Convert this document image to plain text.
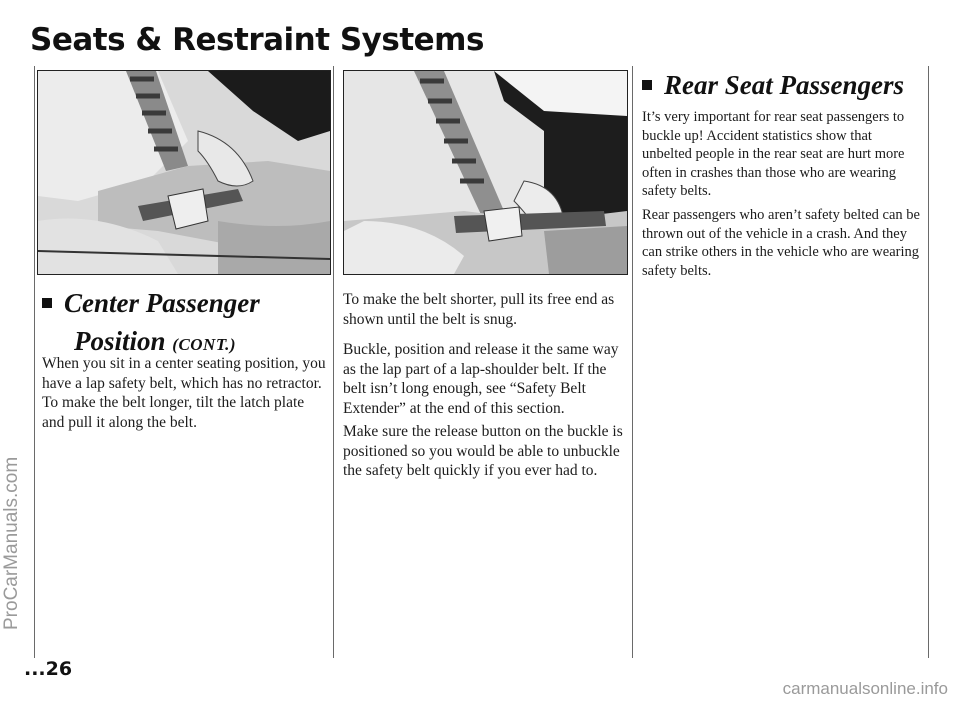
Seats & Restraint Systems
Center Passenger
Position (CONT.)

When you sit in a center seating position, you have a lap safety belt, which has no retractor. To make the belt longer, tilt the latch plate and pull it along the belt.

To make the belt shorter, pull its free end as shown until the belt is snug.

Buckle, position and release it the same way as the lap part of a lap-shoulder belt. If the belt isn’t long enough, see “Safety Belt Extender” at the end of this section.

Make sure the release button on the buckle is positioned so you would be able to unbuckle the safety belt quickly if you ever had to.

Rear Seat Passengers

It’s very important for rear seat passengers to buckle up! Accident statistics show that unbelted people in the rear seat are hurt more often in crashes than those who are wearing safety belts.

Rear passengers who aren’t safety belted can be thrown out of the vehicle in a crash. And they can strike others in the vehicle who are wearing safety belts.

...26
ProCarManuals.com
carmanualsonline.info
